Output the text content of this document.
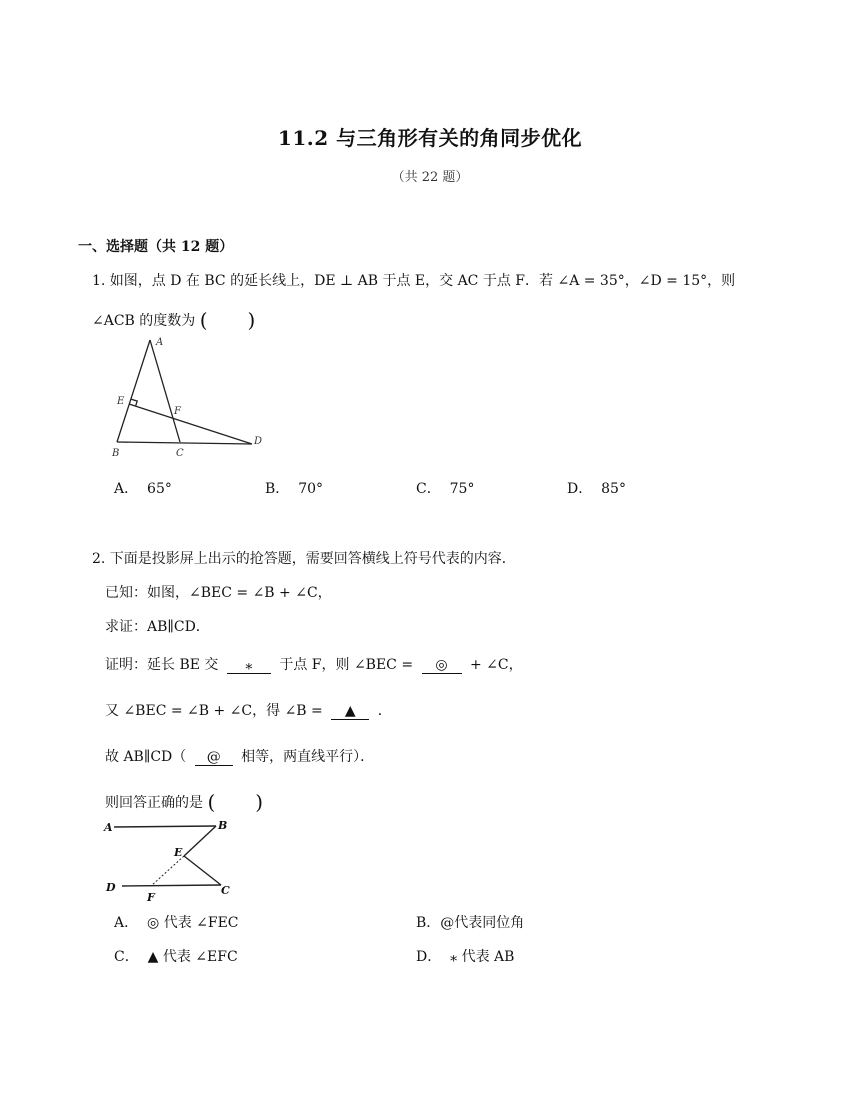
11.2 与三角形有关的角同步优化
（共 22 题）
一、选择题（共 12 题）
1. 如图，点 D 在 BC 的延长线上，DE ⊥ AB 于点 E，交 AC 于点 F．若 ∠A = 35°，∠D = 15°，则
∠ACB 的度数为 (　　)
A
E
F
B	C
D
A． 65°	B． 70°	C． 75°	D． 85°
2. 下面是投影屏上出示的抢答题，需要回答横线上符号代表的内容．
已知：如图，∠BEC = ∠B + ∠C，
求证：AB∥CD．
证明：延长 BE 交 ⁎ 于点 F，则 ∠BEC = ◎ + ∠C，
又 ∠BEC = ∠B + ∠C，得 ∠B = ▲ ．
故 AB∥CD（ @ 相等，两直线平行）．
则回答正确的是 (　　)
A	B
E
D
F
C
A． ◎ 代表 ∠FEC	B．@代表同位角
C． ▲ 代表 ∠EFC	D． ⁎ 代表 AB
